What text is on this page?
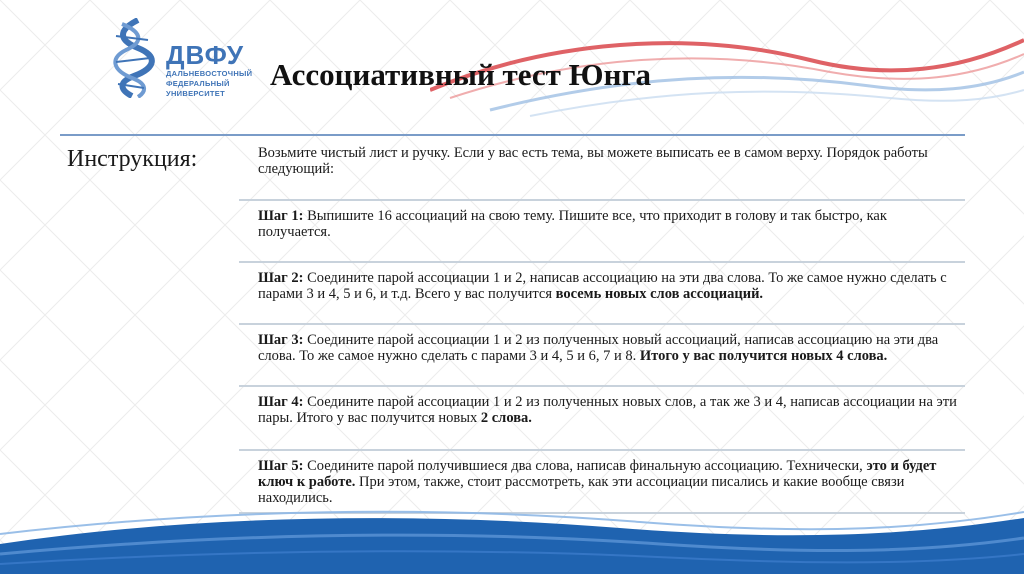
ДВФУ
ДАЛЬНЕВОСТОЧНЫЙ
ФЕДЕРАЛЬНЫЙ
УНИВЕРСИТЕТ
Ассоциативный тест Юнга
Инструкция:	Возьмите чистый лист и ручку. Если у вас есть тема, вы можете выписать ее в самом верху. Порядок работы следующий:
Шаг 1: Выпишите 16 ассоциаций на свою тему. Пишите все, что приходит в голову и так быстро, как получается.
Шаг 2: Соедините парой ассоциации 1 и 2, написав ассоциацию на эти два слова. То же самое нужно сделать с парами 3 и 4, 5 и 6, и т.д. Всего у вас получится восемь новых слов ассоциаций.
Шаг 3: Соедините парой ассоциации 1 и 2 из полученных новый ассоциаций, написав ассоциацию на эти два слова. То же самое нужно сделать с парами 3 и 4, 5 и 6, 7 и 8. Итого у вас получится новых 4 слова.
Шаг 4: Соедините парой ассоциации 1 и 2 из полученных новых слов, а так же 3 и 4, написав ассоциации на эти пары. Итого у вас получится новых 2 слова.
Шаг 5: Соедините парой получившиеся два слова, написав финальную ассоциацию. Технически, это и будет ключ к работе. При этом, также, стоит рассмотреть, как эти ассоциации писались и какие вообще связи находились.
